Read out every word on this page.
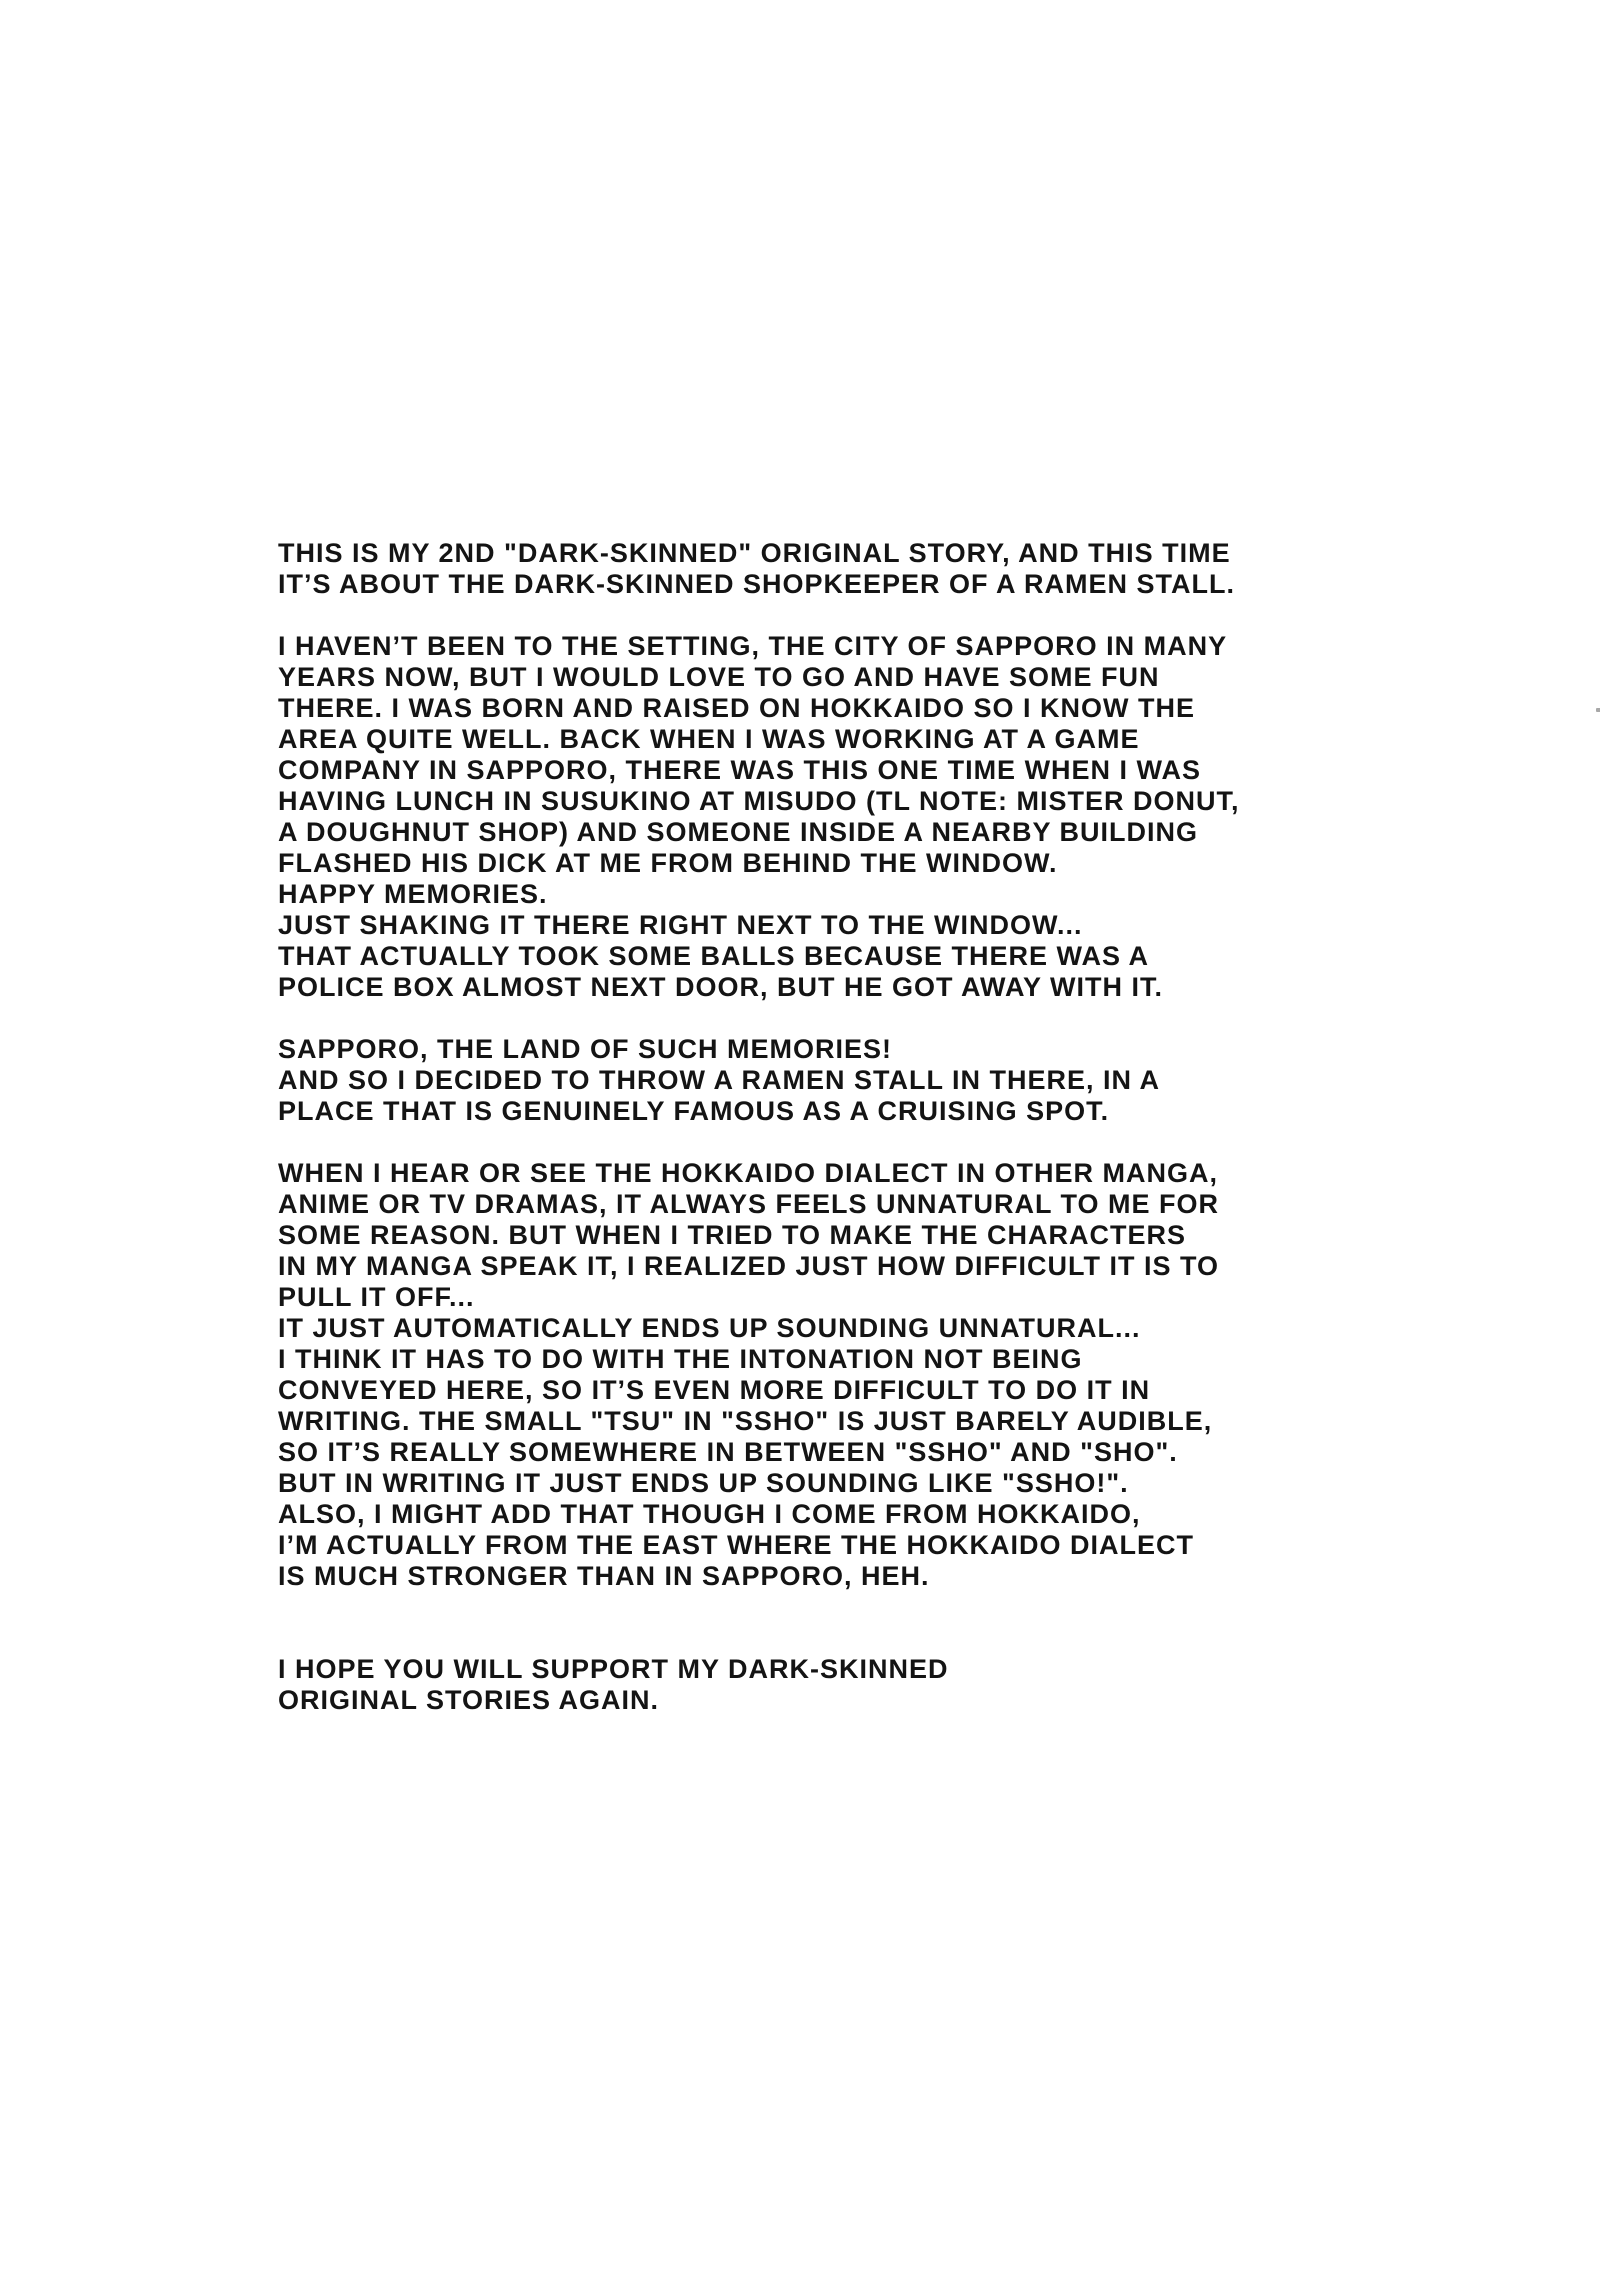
THIS IS MY 2ND "DARK-SKINNED" ORIGINAL STORY, AND THIS TIME
IT’S ABOUT THE DARK-SKINNED SHOPKEEPER OF A RAMEN STALL.
I HAVEN’T BEEN TO THE SETTING, THE CITY OF SAPPORO IN MANY
YEARS NOW, BUT I WOULD LOVE TO GO AND HAVE SOME FUN
THERE. I WAS BORN AND RAISED ON HOKKAIDO SO I KNOW THE
AREA QUITE WELL. BACK WHEN I WAS WORKING AT A GAME
COMPANY IN SAPPORO, THERE WAS THIS ONE TIME WHEN I WAS
HAVING LUNCH IN SUSUKINO AT MISUDO (TL NOTE: MISTER DONUT,
A DOUGHNUT SHOP) AND SOMEONE INSIDE A NEARBY BUILDING
FLASHED HIS DICK AT ME FROM BEHIND THE WINDOW.
HAPPY MEMORIES.
JUST SHAKING IT THERE RIGHT NEXT TO THE WINDOW...
THAT ACTUALLY TOOK SOME BALLS BECAUSE THERE WAS A
POLICE BOX ALMOST NEXT DOOR, BUT HE GOT AWAY WITH IT.
SAPPORO, THE LAND OF SUCH MEMORIES!
AND SO I DECIDED TO THROW A RAMEN STALL IN THERE, IN A
PLACE THAT IS GENUINELY FAMOUS AS A CRUISING SPOT.
WHEN I HEAR OR SEE THE HOKKAIDO DIALECT IN OTHER MANGA,
ANIME OR TV DRAMAS, IT ALWAYS FEELS UNNATURAL TO ME FOR
SOME REASON. BUT WHEN I TRIED TO MAKE THE CHARACTERS
IN MY MANGA SPEAK IT, I REALIZED JUST HOW DIFFICULT IT IS TO
PULL IT OFF...
IT JUST AUTOMATICALLY ENDS UP SOUNDING UNNATURAL...
I THINK IT HAS TO DO WITH THE INTONATION NOT BEING
CONVEYED HERE, SO IT’S EVEN MORE DIFFICULT TO DO IT IN
WRITING. THE SMALL "TSU" IN "SSHO" IS JUST BARELY AUDIBLE,
SO IT’S REALLY SOMEWHERE IN BETWEEN "SSHO" AND "SHO".
BUT IN WRITING IT JUST ENDS UP SOUNDING LIKE "SSHO!".
ALSO, I MIGHT ADD THAT THOUGH I COME FROM HOKKAIDO,
I’M ACTUALLY FROM THE EAST WHERE THE HOKKAIDO DIALECT
IS MUCH STRONGER THAN IN SAPPORO, HEH.
I HOPE YOU WILL SUPPORT MY DARK-SKINNED
ORIGINAL STORIES AGAIN.
